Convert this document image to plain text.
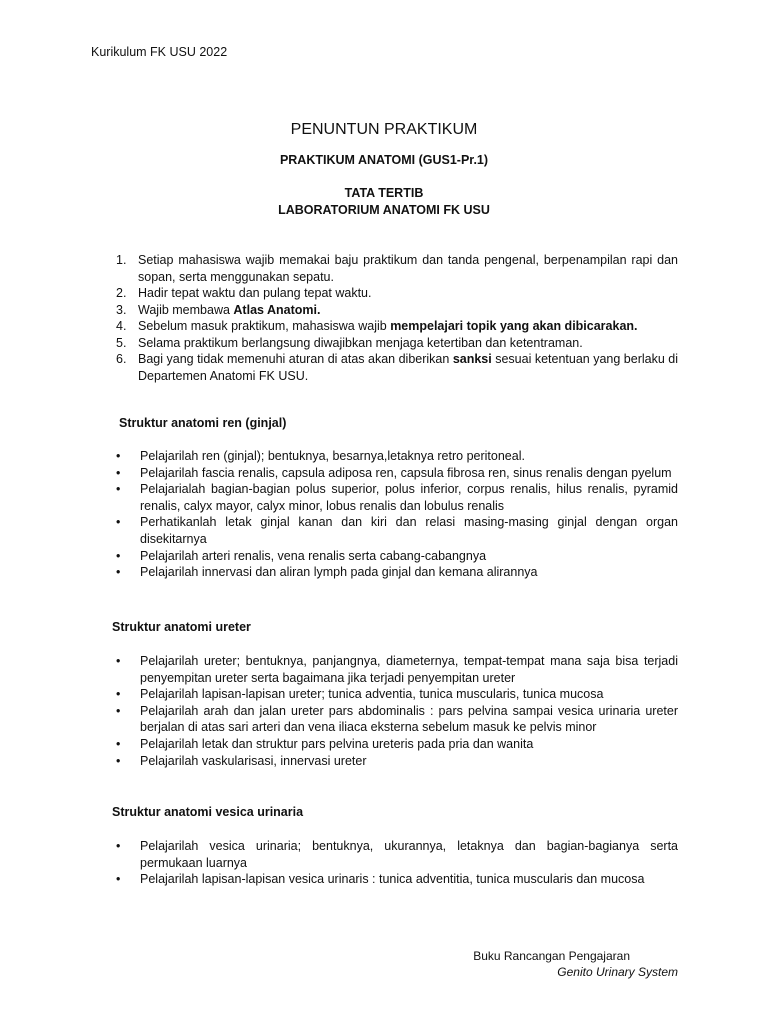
Kurikulum FK USU 2022
PENUNTUN PRAKTIKUM
PRAKTIKUM ANATOMI (GUS1-Pr.1)
TATA TERTIB
LABORATORIUM ANATOMI FK USU
1. Setiap mahasiswa wajib memakai baju praktikum dan tanda pengenal, berpenampilan rapi dan sopan, serta menggunakan sepatu.
2. Hadir tepat waktu dan pulang tepat waktu.
3. Wajib membawa Atlas Anatomi.
4. Sebelum masuk praktikum, mahasiswa wajib mempelajari topik yang akan dibicarakan.
5. Selama praktikum berlangsung diwajibkan menjaga ketertiban dan ketentraman.
6. Bagi yang tidak memenuhi aturan di atas akan diberikan sanksi sesuai ketentuan yang berlaku di Departemen Anatomi FK USU.
Struktur anatomi ren (ginjal)
• Pelajarilah ren (ginjal); bentuknya, besarnya,letaknya retro peritoneal.
• Pelajarilah fascia renalis, capsula adiposa ren, capsula fibrosa ren, sinus renalis dengan pyelum
• Pelajarialah bagian-bagian polus superior, polus inferior, corpus renalis, hilus renalis, pyramid renalis, calyx mayor, calyx minor, lobus renalis dan lobulus renalis
• Perhatikanlah letak ginjal kanan dan kiri dan relasi masing-masing ginjal dengan organ disekitarnya
• Pelajarilah arteri renalis, vena renalis serta cabang-cabangnya
• Pelajarilah innervasi dan aliran lymph pada ginjal dan kemana alirannya
Struktur anatomi ureter
• Pelajarilah ureter; bentuknya, panjangnya, diameternya, tempat-tempat mana saja bisa terjadi penyempitan ureter serta bagaimana jika terjadi penyempitan ureter
• Pelajarilah lapisan-lapisan ureter; tunica adventia, tunica muscularis, tunica mucosa
• Pelajarilah arah dan jalan ureter pars abdominalis : pars pelvina sampai vesica urinaria ureter berjalan di atas sari arteri dan vena iliaca eksterna sebelum masuk ke pelvis minor
• Pelajarilah letak dan struktur pars pelvina ureteris pada pria dan wanita
• Pelajarilah vaskularisasi, innervasi ureter
Struktur anatomi vesica urinaria
• Pelajarilah vesica urinaria; bentuknya, ukurannya, letaknya dan bagian-bagianya serta permukaan luarnya
• Pelajarilah lapisan-lapisan vesica urinaris : tunica adventitia, tunica muscularis dan mucosa
Buku Rancangan Pengajaran
Genito Urinary System
